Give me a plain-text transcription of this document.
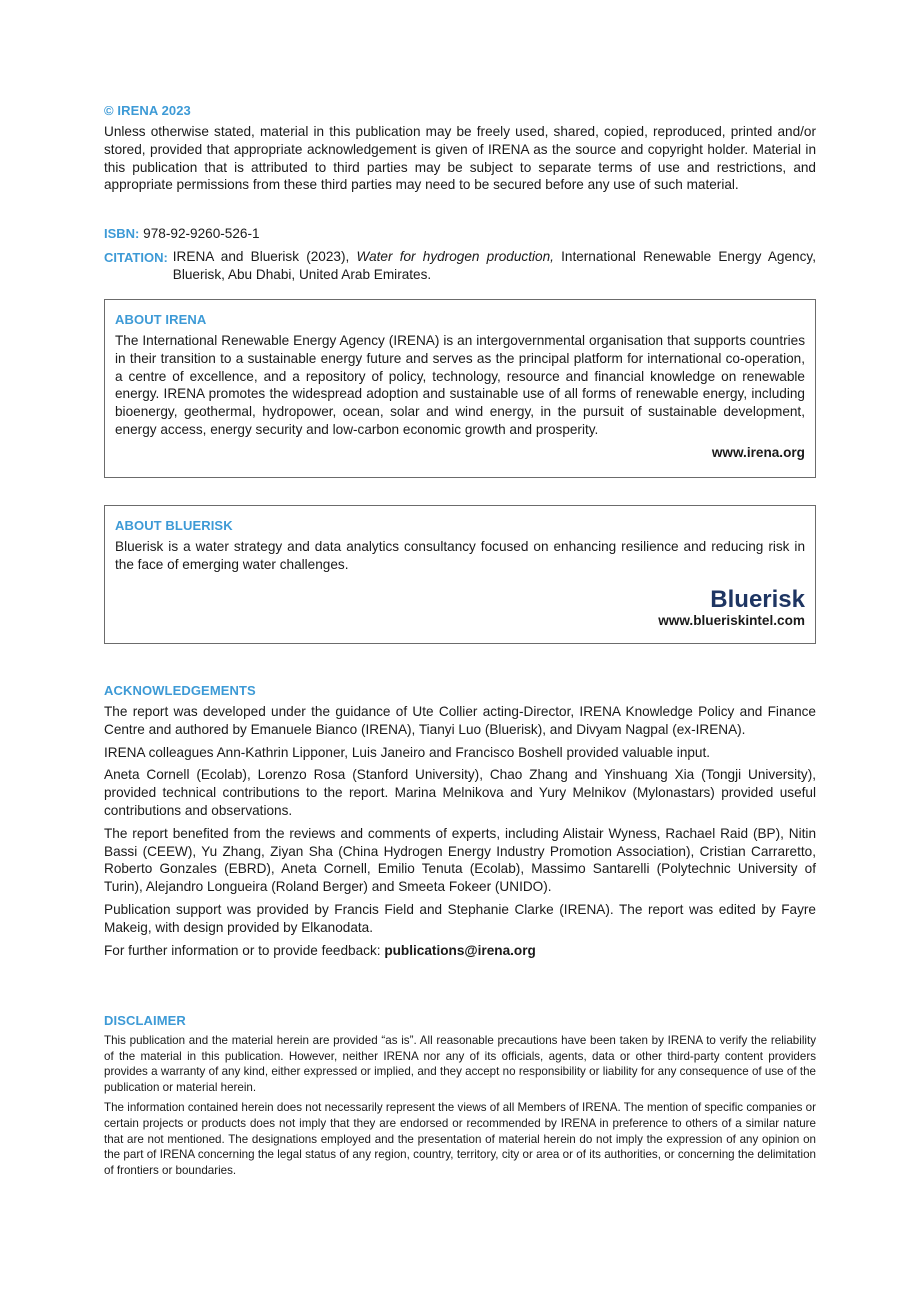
© IRENA 2023

Unless otherwise stated, material in this publication may be freely used, shared, copied, reproduced, printed and/or stored, provided that appropriate acknowledgement is given of IRENA as the source and copyright holder. Material in this publication that is attributed to third parties may be subject to separate terms of use and restrictions, and appropriate permissions from these third parties may need to be secured before any use of such material.

ISBN: 978-92-9260-526-1
CITATION: IRENA and Bluerisk (2023), Water for hydrogen production, International Renewable Energy Agency, Bluerisk, Abu Dhabi, United Arab Emirates.
ABOUT IRENA

The International Renewable Energy Agency (IRENA) is an intergovernmental organisation that supports countries in their transition to a sustainable energy future and serves as the principal platform for international co-operation, a centre of excellence, and a repository of policy, technology, resource and financial knowledge on renewable energy. IRENA promotes the widespread adoption and sustainable use of all forms of renewable energy, including bioenergy, geothermal, hydropower, ocean, solar and wind energy, in the pursuit of sustainable development, energy access, energy security and low-carbon economic growth and prosperity.

www.irena.org
ABOUT BLUERISK

Bluerisk is a water strategy and data analytics consultancy focused on enhancing resilience and reducing risk in the face of emerging water challenges.

Bluerisk
www.blueriskintel.com
ACKNOWLEDGEMENTS

The report was developed under the guidance of Ute Collier acting-Director, IRENA Knowledge Policy and Finance Centre and authored by Emanuele Bianco (IRENA), Tianyi Luo (Bluerisk), and Divyam Nagpal (ex-IRENA).

IRENA colleagues Ann-Kathrin Lipponer, Luis Janeiro and Francisco Boshell provided valuable input.

Aneta Cornell (Ecolab), Lorenzo Rosa (Stanford University), Chao Zhang and Yinshuang Xia (Tongji University), provided technical contributions to the report. Marina Melnikova and Yury Melnikov (Mylonastars) provided useful contributions and observations.

The report benefited from the reviews and comments of experts, including Alistair Wyness, Rachael Raid (BP), Nitin Bassi (CEEW), Yu Zhang, Ziyan Sha (China Hydrogen Energy Industry Promotion Association), Cristian Carraretto, Roberto Gonzales (EBRD), Aneta Cornell, Emilio Tenuta (Ecolab), Massimo Santarelli (Polytechnic University of Turin), Alejandro Longueira (Roland Berger) and Smeeta Fokeer (UNIDO).

Publication support was provided by Francis Field and Stephanie Clarke (IRENA). The report was edited by Fayre Makeig, with design provided by Elkanodata.

For further information or to provide feedback: publications@irena.org

DISCLAIMER

This publication and the material herein are provided “as is”. All reasonable precautions have been taken by IRENA to verify the reliability of the material in this publication. However, neither IRENA nor any of its officials, agents, data or other third-party content providers provides a warranty of any kind, either expressed or implied, and they accept no responsibility or liability for any consequence of use of the publication or material herein.

The information contained herein does not necessarily represent the views of all Members of IRENA. The mention of specific companies or certain projects or products does not imply that they are endorsed or recommended by IRENA in preference to others of a similar nature that are not mentioned. The designations employed and the presentation of material herein do not imply the expression of any opinion on the part of IRENA concerning the legal status of any region, country, territory, city or area or of its authorities, or concerning the delimitation of frontiers or boundaries.
